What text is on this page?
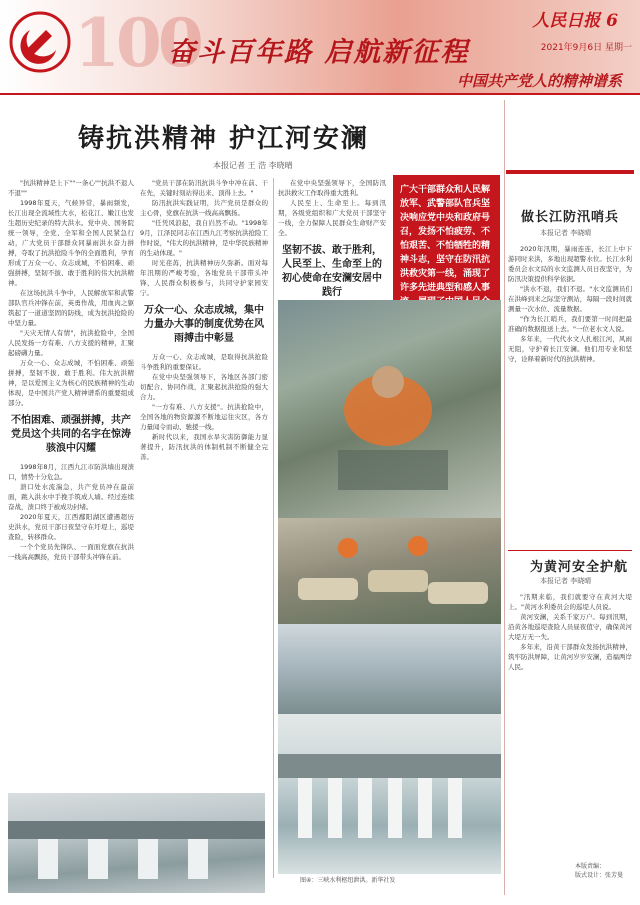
100
奋斗百年路 启航新征程
中国共产党人的精神谱系
人民日报 6
2021年9月6日 星期一
铸抗洪精神 护江河安澜
本报记者 王 浩 李晓晴

"抗洪精神是上下""一条心""抗洪不退人不退""

1998年夏天，气候异常，暴雨频发，长江出现全流域性大水，松花江、嫩江也发生超历史纪录的特大洪水。党中央、国务院统一领导，全党、全军和全国人民紧急行动，广大党员干部群众同暴雨洪水奋力拼搏，夺取了抗洪抢险斗争的全面胜利，孕育形成了万众一心、众志成城，不怕困难、顽强拼搏，坚韧不拔、敢于胜利的伟大抗洪精神。

在这场抗洪斗争中，人民解放军和武警部队官兵冲锋在前，英勇作战，用血肉之躯筑起了一道道坚固的防线，成为抗洪抢险的中坚力量。

"天灾无情人有情"，抗洪抢险中，全国人民发扬一方有难、八方支援的精神，汇聚起磅礴力量。

万众一心、众志成城，不怕困难、顽强拼搏，坚韧不拔、敢于胜利。伟大抗洪精神，是以爱国主义为核心的民族精神的生动体现，是中国共产党人精神谱系的重要组成部分。

不怕困难、顽强拼搏，共产党员这个共同的名字在惊涛骇浪中闪耀

1998年8月，江西九江市防洪墙出现溃口，情势十分危急。

溃口处水流湍急，共产党员冲在最前面，跳入洪水中手挽手筑成人墙。经过连续奋战，溃口终于被成功封堵。

2020年夏天，江西鄱阳湖区遭遇超历史洪水，党员干部日夜坚守在圩堤上，巡堤查险，转移群众。

一个个党员先锋队、一面面党旗在抗洪一线高高飘扬，党员干部带头冲锋在前。

"党员干部在防汛抗洪斗争中冲在前、干在先，关键时刻站得出来、顶得上去。"

防汛抗洪实践证明，共产党员是群众的主心骨，党旗在抗洪一线高高飘扬。

"任凭风浪起，我自岿然不动。"1998年9月，江泽民同志在江西九江考察抗洪抢险工作时说，"伟大的抗洪精神，是中华民族精神的生动体现。"

时光荏苒，抗洪精神历久弥新。面对每年汛期的严峻考验，各地党员干部带头冲锋，人民群众积极参与，共同守护家园安宁。

万众一心、众志成城，集中力量办大事的制度优势在风雨搏击中彰显

万众一心、众志成城，是取得抗洪抢险斗争胜利的重要保证。

在党中央坚强领导下，各地区各部门密切配合、协同作战，汇聚起抗洪抢险的强大合力。

"一方有难、八方支援"。抗洪抢险中，全国各地的物资源源不断地运往灾区，各方力量闻令而动、驰援一线。

新时代以来，我国水旱灾害防御能力显著提升，防汛抗洪的体制机制不断健全完善。

在党中央坚强领导下，全国防汛抗洪救灾工作取得重大胜利。

人民至上、生命至上。每到汛期，各级党组织和广大党员干部坚守一线，全力保障人民群众生命财产安全。

坚韧不拔、敢于胜利，人民至上、生命至上的初心使命在安澜安居中践行
广大干部群众和人民解放军、武警部队官兵坚决响应党中央和政府号召，发扬不怕疲劳、不怕艰苦、不怕牺牲的精神斗志，坚守在防汛抗洪救灾第一线，涌现了许多先进典型和感人事
图④：三峡水利枢纽泄洪。新华社发
做长江防汛哨兵
本报记者 李晓晴

2020年汛期，暴雨连连，长江上中下游同时来洪，多地出现超警水位。长江水利委员会水文局的水文监测人员日夜坚守，为防汛决策提供科学依据。

"洪水不退，我们不退。"水文监测员们在洪峰到来之际坚守测站，每隔一段时间就测量一次水位、流量数据。

"作为长江哨兵，我们要第一时间把最准确的数据报送上去。"一位老水文人说。

多年来，一代代水文人扎根江河，风雨无阻，守护着长江安澜。他们用专业和坚守，诠释着新时代的抗洪精神。

为黄河安全护航
本报记者 李晓晴

"汛期来临，我们就要守在黄河大堤上。"黄河水利委员会的巡堤人员说。

黄河安澜，关系千家万户。每到汛期，沿黄各地巡堤查险人员昼夜值守，确保黄河大堤万无一失。

多年来，沿黄干部群众发扬抗洪精神，筑牢防洪屏障，让黄河岁岁安澜，造福两岸人民。

本版责编：
版式设计：张芳曼
